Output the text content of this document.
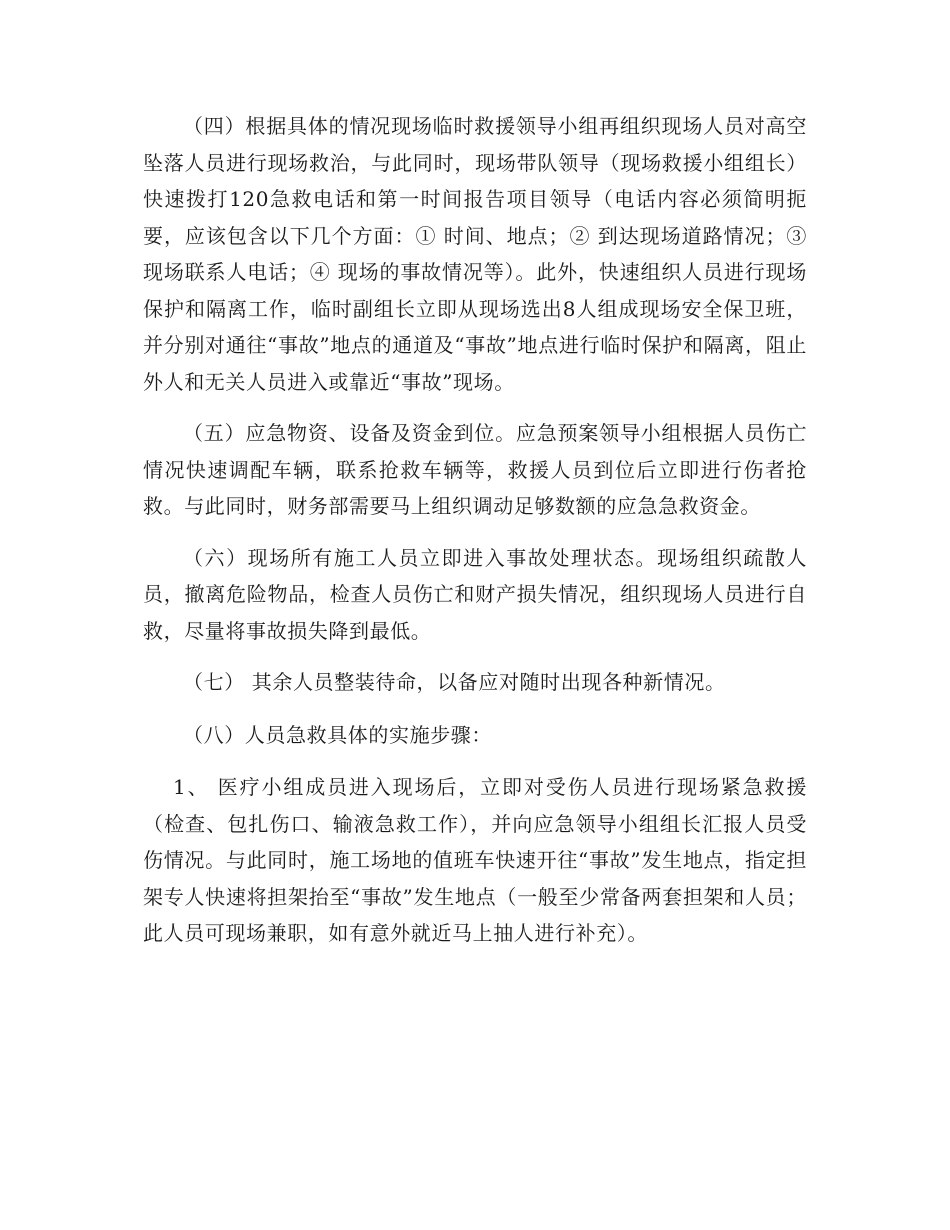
（四）根据具体的情况现场临时救援领导小组再组织现场人员对高空坠落人员进行现场救治，与此同时，现场带队领导（现场救援小组组长）快速拨打120急救电话和第一时间报告项目领导（电话内容必须简明扼要，应该包含以下几个方面：① 时间、地点；② 到达现场道路情况；③ 现场联系人电话；④ 现场的事故情况等）。此外，快速组织人员进行现场保护和隔离工作，临时副组长立即从现场选出8人组成现场安全保卫班， 并分别对通往“事故”地点的通道及“事故”地点进行临时保护和隔离，阻止外人和无关人员进入或靠近“事故”现场。

（五）应急物资、设备及资金到位。应急预案领导小组根据人员伤亡情况快速调配车辆，联系抢救车辆等，救援人员到位后立即进行伤者抢救。与此同时，财务部需要马上组织调动足够数额的应急急救资金。

（六）现场所有施工人员立即进入事故处理状态。现场组织疏散人员，撤离危险物品，检查人员伤亡和财产损失情况，组织现场人员进行自救，尽量将事故损失降到最低。

（七） 其余人员整装待命，以备应对随时出现各种新情况。

（八）人员急救具体的实施步骤：

1、 医疗小组成员进入现场后，立即对受伤人员进行现场紧急救援（检查、包扎伤口、输液急救工作），并向应急领导小组组长汇报人员受伤情况。与此同时，施工场地的值班车快速开往“事故”发生地点，指定担架专人快速将担架抬至“事故”发生地点（一般至少常备两套担架和人员；此人员可现场兼职，如有意外就近马上抽人进行补充）。
